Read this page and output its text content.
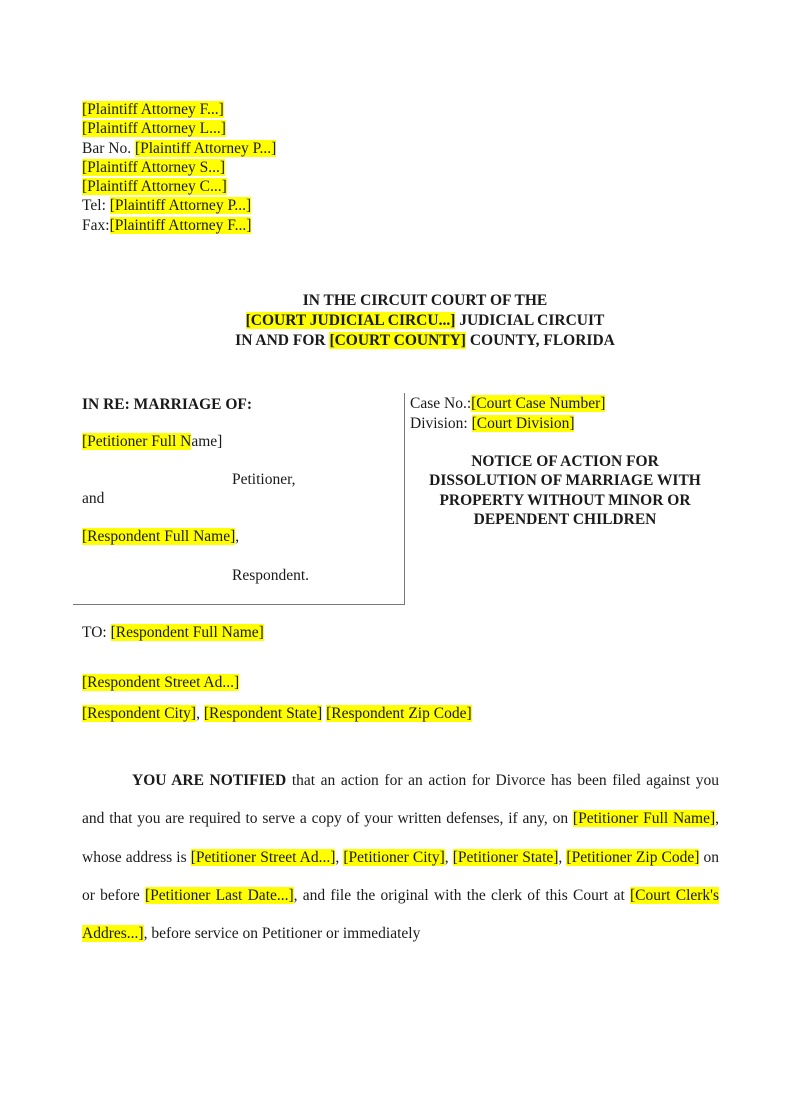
[Plaintiff Attorney F...]
[Plaintiff Attorney L...]
Bar No. [Plaintiff Attorney P...]
[Plaintiff Attorney S...]
[Plaintiff Attorney C...]
Tel: [Plaintiff Attorney P...]
Fax:[Plaintiff Attorney F...]
IN THE CIRCUIT COURT OF THE
[COURT JUDICIAL CIRCU...] JUDICIAL CIRCUIT
IN AND FOR [COURT COUNTY] COUNTY, FLORIDA
IN RE: MARRIAGE OF:
[Petitioner Full Name]
Petitioner,
and
[Respondent Full Name],
Respondent.
Case No.:[Court Case Number]
Division: [Court Division]
NOTICE OF ACTION FOR
DISSOLUTION OF MARRIAGE WITH
PROPERTY WITHOUT MINOR OR
DEPENDENT CHILDREN
TO: [Respondent Full Name]
[Respondent Street Ad...]
[Respondent City], [Respondent State] [Respondent Zip Code]
YOU ARE NOTIFIED that an action for an action for Divorce has been filed against you and that you are required to serve a copy of your written defenses, if any, on [Petitioner Full Name], whose address is [Petitioner Street Ad...], [Petitioner City], [Petitioner State], [Petitioner Zip Code] on or before [Petitioner Last Date...], and file the original with the clerk of this Court at [Court Clerk's Addres...], before service on Petitioner or immediately
